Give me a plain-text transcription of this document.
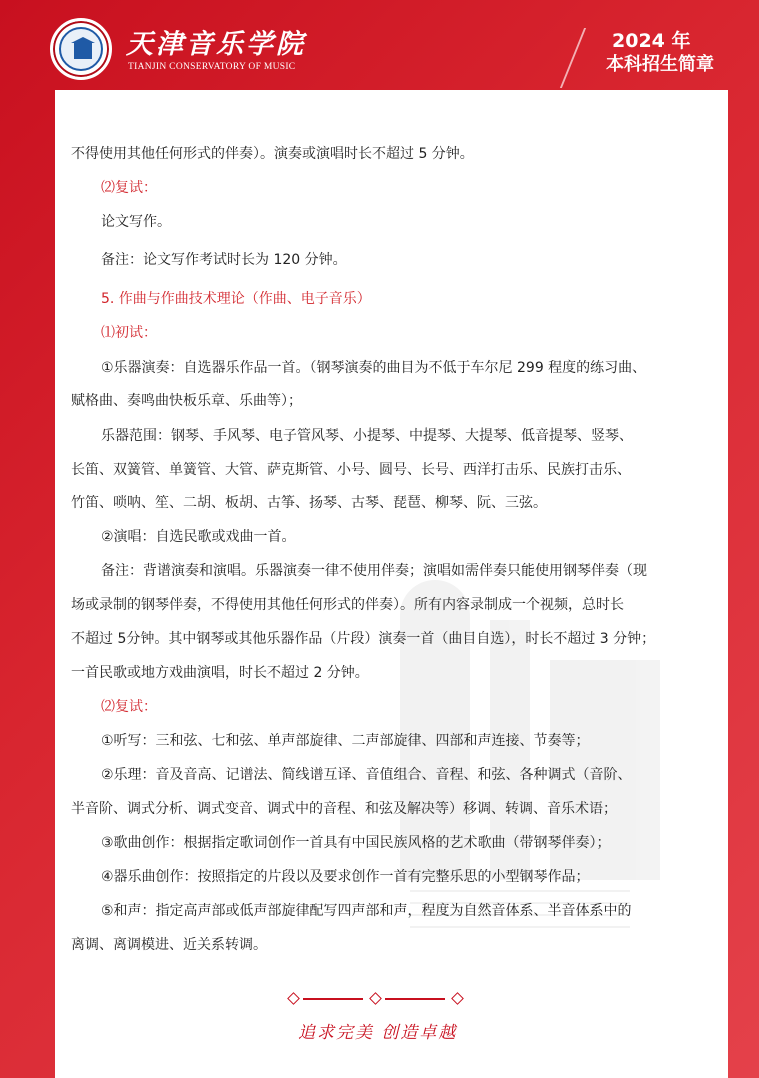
天津音乐学院
TIANJIN CONSERVATORY OF MUSIC
2024 年
本科招生简章
不得使用其他任何形式的伴奏）。演奏或演唱时长不超过 5 分钟。
⑵复试：
论文写作。
备注：论文写作考试时长为 120 分钟。
5. 作曲与作曲技术理论（作曲、电子音乐）
⑴初试：
①乐器演奏：自选器乐作品一首。（钢琴演奏的曲目为不低于车尔尼 299 程度的练习曲、
赋格曲、奏鸣曲快板乐章、乐曲等）；
乐器范围：钢琴、手风琴、电子管风琴、小提琴、中提琴、大提琴、低音提琴、竖琴、
长笛、双簧管、单簧管、大管、萨克斯管、小号、圆号、长号、西洋打击乐、民族打击乐、
竹笛、唢呐、笙、二胡、板胡、古筝、扬琴、古琴、琵琶、柳琴、阮、三弦。
②演唱：自选民歌或戏曲一首。
备注：背谱演奏和演唱。乐器演奏一律不使用伴奏；演唱如需伴奏只能使用钢琴伴奏（现
场或录制的钢琴伴奏，不得使用其他任何形式的伴奏）。所有内容录制成一个视频，总时长
不超过 5分钟。其中钢琴或其他乐器作品（片段）演奏一首（曲目自选），时长不超过 3 分钟；
一首民歌或地方戏曲演唱，时长不超过 2 分钟。
⑵复试：
①听写：三和弦、七和弦、单声部旋律、二声部旋律、四部和声连接、节奏等；
②乐理：音及音高、记谱法、简线谱互译、音值组合、音程、和弦、各种调式（音阶、
半音阶、调式分析、调式变音、调式中的音程、和弦及解决等）移调、转调、音乐术语；
③歌曲创作：根据指定歌词创作一首具有中国民族风格的艺术歌曲（带钢琴伴奏）；
④器乐曲创作：按照指定的片段以及要求创作一首有完整乐思的小型钢琴作品；
⑤和声：指定高声部或低声部旋律配写四声部和声，程度为自然音体系、半音体系中的
离调、离调模进、近关系转调。
追求完美 创造卓越
